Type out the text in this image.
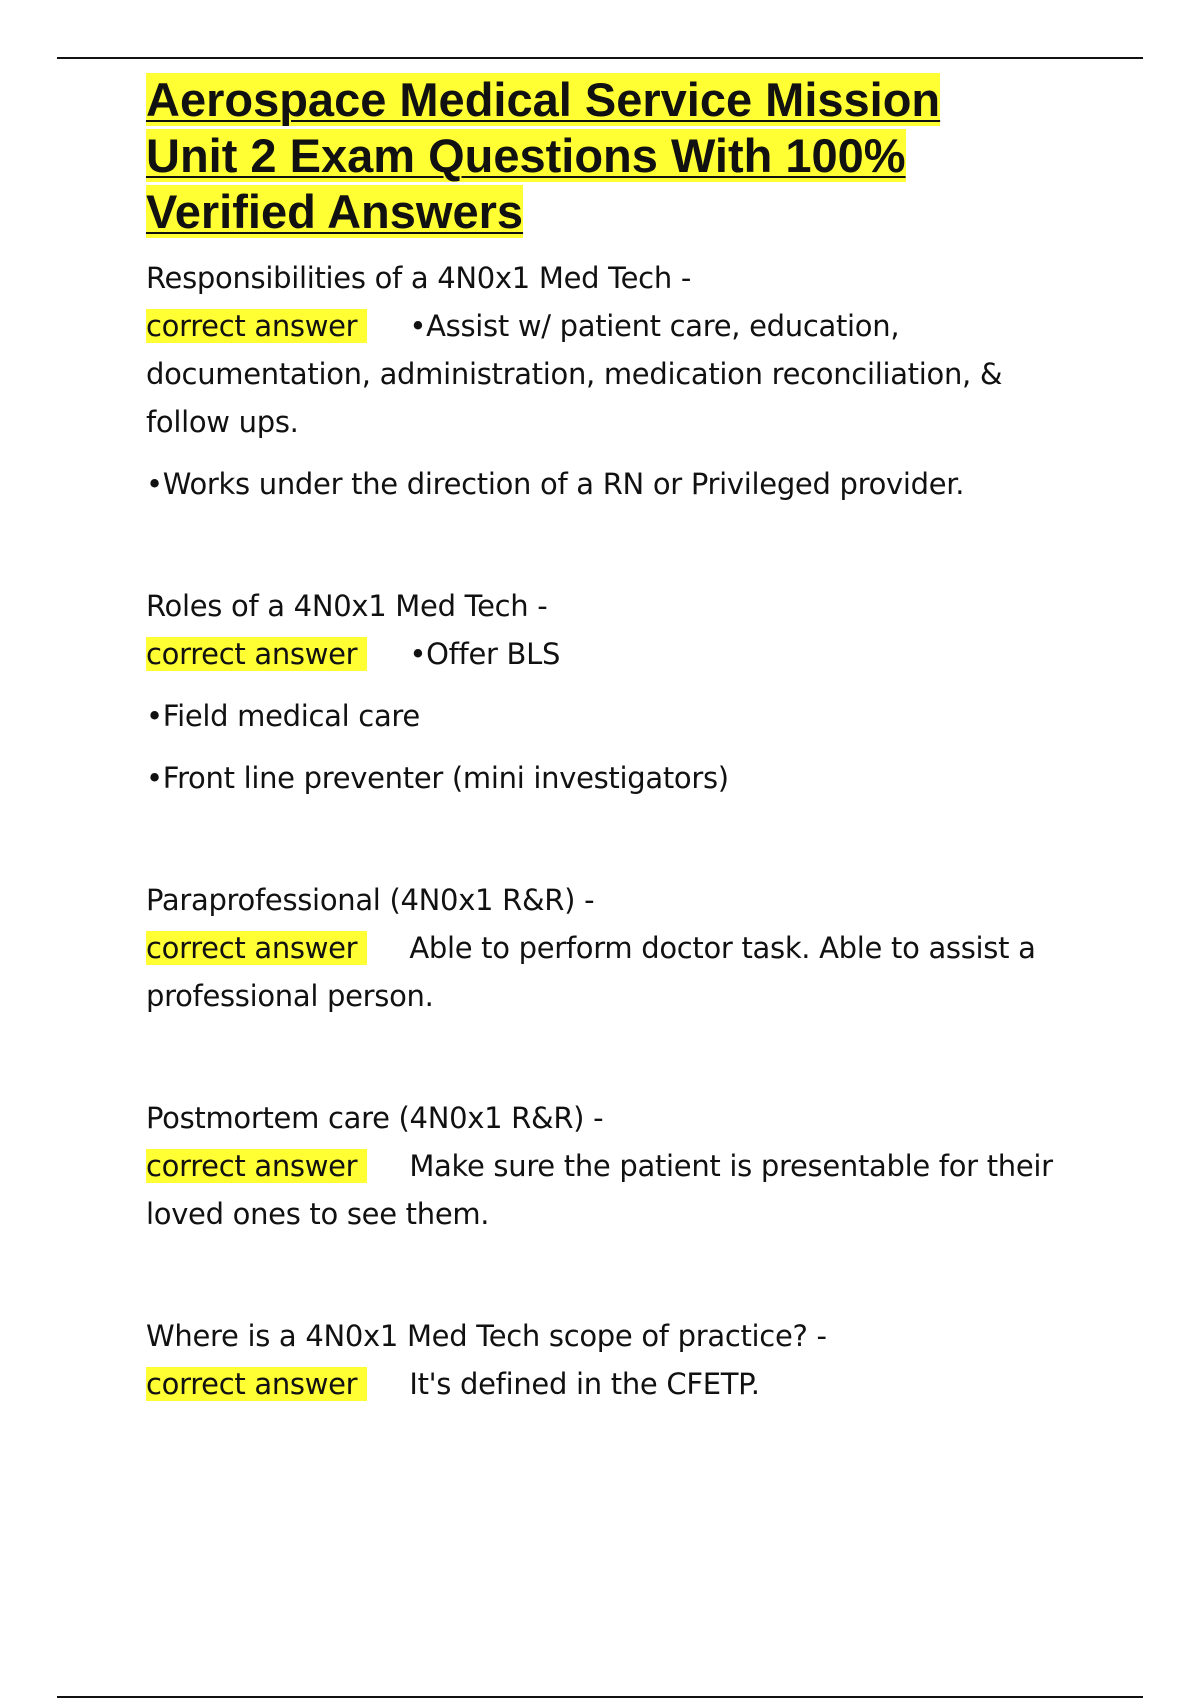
Aerospace Medical Service Mission
Unit 2 Exam Questions With 100%
Verified Answers

Responsibilities of a 4N0x1 Med Tech -

correct answer •Assist w/ patient care, education, documentation, administration, medication reconciliation, & follow ups.

•Works under the direction of a RN or Privileged provider.

Roles of a 4N0x1 Med Tech -

correct answer •Offer BLS

•Field medical care

•Front line preventer (mini investigators)

Paraprofessional (4N0x1 R&R) -

correct answer Able to perform doctor task. Able to assist a professional person.

Postmortem care (4N0x1 R&R) -

correct answer Make sure the patient is presentable for their loved ones to see them.

Where is a 4N0x1 Med Tech scope of practice? -

correct answer It's defined in the CFETP.
